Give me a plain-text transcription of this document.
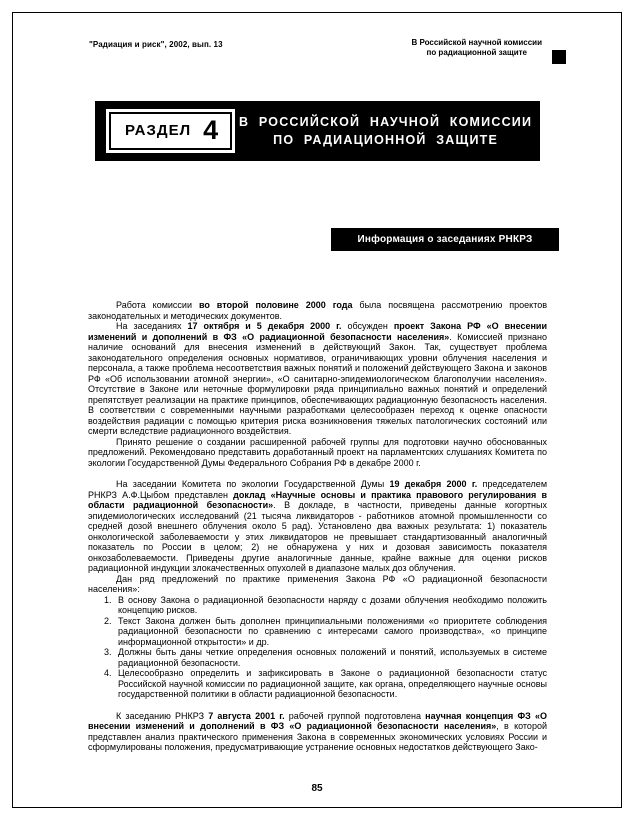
"Радиация и риск", 2002, вып. 13	В Российской научной комиссии
по радиационной защите
РАЗДЕЛ 4	В РОССИЙСКОЙ НАУЧНОЙ КОМИССИИ
ПО РАДИАЦИОННОЙ ЗАЩИТЕ
Информация о заседаниях РНКРЗ
Работа комиссии во второй половине 2000 года была посвящена рассмотрению проектов законодательных и методических документов.
На заседаниях 17 октября и 5 декабря 2000 г. обсужден проект Закона РФ «О внесении изменений и дополнений в ФЗ «О радиационной безопасности населения». Комиссией признано наличие оснований для внесения изменений в действующий Закон. Так, существует проблема законодательного определения основных нормативов, ограничивающих уровни облучения населения и персонала, а также проблема несоответствия важных понятий и положений действующего Закона и законов РФ «Об использовании атомной энергии», «О санитарно-эпидемиологическом благополучии населения». Отсутствие в Законе или неточные формулировки ряда принципиально важных понятий и определений препятствует реализации на практике принципов, обеспечивающих радиационную безопасность населения. В соответствии с современными научными разработками целесообразен переход к оценке опасности воздействия радиации с помощью критерия риска возникновения тяжелых патологических состояний или смерти вследствие радиационного воздействия.
Принято решение о создании расширенной рабочей группы для подготовки научно обоснованных предложений. Рекомендовано представить доработанный проект на парламентских слушаниях Комитета по экологии Государственной Думы Федерального Собрания РФ в декабре 2000 г.
На заседании Комитета по экологии Государственной Думы 19 декабря 2000 г. председателем РНКРЗ А.Ф.Цыбом представлен доклад «Научные основы и практика правового регулирования в области радиационной безопасности». В докладе, в частности, приведены данные когортных эпидемиологических исследований (21 тысяча ликвидаторов - работников атомной промышленности со средней дозой внешнего облучения около 5 рад). Установлено два важных результата: 1) показатель онкологической заболеваемости у этих ликвидаторов не превышает стандартизованный аналогичный показатель по России в целом; 2) не обнаружена у них и дозовая зависимость показателя онкозаболеваемости. Приведены другие аналогичные данные, крайне важные для оценки рисков радиационной индукции злокачественных опухолей в диапазоне малых доз облучения.
Дан ряд предложений по практике применения Закона РФ «О радиационной безопасности населения»:
1. В основу Закона о радиационной безопасности наряду с дозами облучения необходимо положить концепцию рисков.
2. Текст Закона должен быть дополнен принципиальными положениями «о приоритете соблюдения радиационной безопасности по сравнению с интересами самого производства», «о принципе информационной открытости» и др.
3. Должны быть даны четкие определения основных положений и понятий, используемых в системе радиационной безопасности.
4. Целесообразно определить и зафиксировать в Законе о радиационной безопасности статус Российской научной комиссии по радиационной защите, как органа, определяющего научные основы государственной политики в области радиационной безопасности.
К заседанию РНКРЗ 7 августа 2001 г. рабочей группой подготовлена научная концепция ФЗ «О внесении изменений и дополнений в ФЗ «О радиационной безопасности населения», в которой представлен анализ практического применения Закона в современных экономических условиях России и сформулированы положения, предусматривающие устранение основных недостатков действующего Зако-
85
